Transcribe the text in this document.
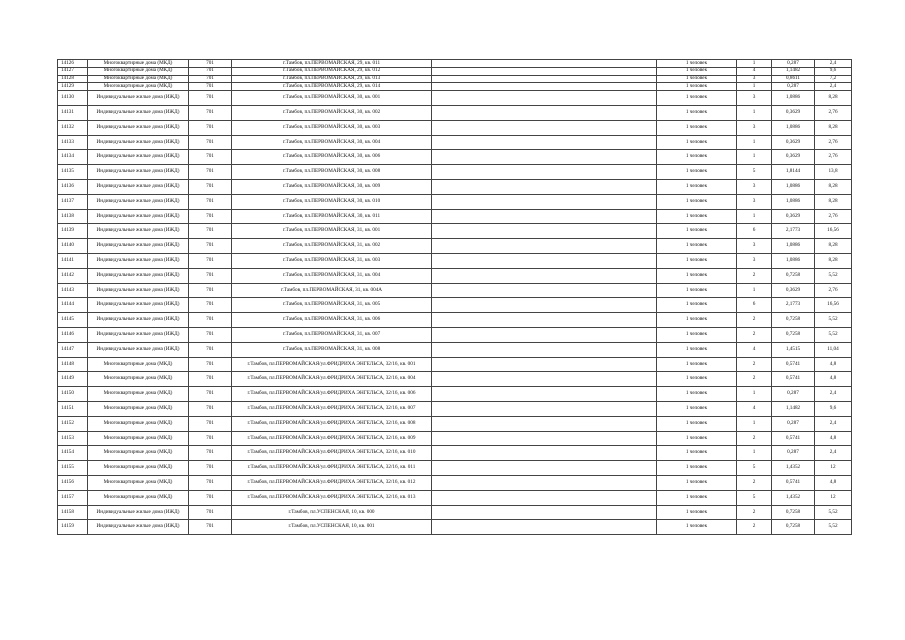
14126	Многоквартирные дома (МКД)	701	г.Тамбов, пл.ПЕРВОМАЙСКАЯ, 29, кв. 011		1 человек	1	0,287	2,4
14127	Многоквартирные дома (МКД)	701	г.Тамбов, пл.ПЕРВОМАЙСКАЯ, 29, кв. 012		1 человек	4	1,1482	9,6
14128	Многоквартирные дома (МКД)	701	г.Тамбов, пл.ПЕРВОМАЙСКАЯ, 29, кв. 013		1 человек	3	0,8611	7,2
14129	Многоквартирные дома (МКД)	701	г.Тамбов, пл.ПЕРВОМАЙСКАЯ, 29, кв. 014		1 человек	1	0,287	2,4
14130	Индивидуальные жилые дома (ИЖД)	701	г.Тамбов, пл.ПЕРВОМАЙСКАЯ, 30, кв. 001		1 человек	3	1,0886	8,28
14131	Индивидуальные жилые дома (ИЖД)	701	г.Тамбов, пл.ПЕРВОМАЙСКАЯ, 30, кв. 002		1 человек	1	0,3629	2,76
14132	Индивидуальные жилые дома (ИЖД)	701	г.Тамбов, пл.ПЕРВОМАЙСКАЯ, 30, кв. 003		1 человек	3	1,0886	8,28
14133	Индивидуальные жилые дома (ИЖД)	701	г.Тамбов, пл.ПЕРВОМАЙСКАЯ, 30, кв. 004		1 человек	1	0,3629	2,76
14134	Индивидуальные жилые дома (ИЖД)	701	г.Тамбов, пл.ПЕРВОМАЙСКАЯ, 30, кв. 006		1 человек	1	0,3629	2,76
14135	Индивидуальные жилые дома (ИЖД)	701	г.Тамбов, пл.ПЕРВОМАЙСКАЯ, 30, кв. 008		1 человек	5	1,8144	13,8
14136	Индивидуальные жилые дома (ИЖД)	701	г.Тамбов, пл.ПЕРВОМАЙСКАЯ, 30, кв. 009		1 человек	3	1,0886	8,28
14137	Индивидуальные жилые дома (ИЖД)	701	г.Тамбов, пл.ПЕРВОМАЙСКАЯ, 30, кв. 010		1 человек	3	1,0886	8,28
14138	Индивидуальные жилые дома (ИЖД)	701	г.Тамбов, пл.ПЕРВОМАЙСКАЯ, 30, кв. 011		1 человек	1	0,3629	2,76
14139	Индивидуальные жилые дома (ИЖД)	701	г.Тамбов, пл.ПЕРВОМАЙСКАЯ, 31, кв. 001		1 человек	6	2,1773	16,56
14140	Индивидуальные жилые дома (ИЖД)	701	г.Тамбов, пл.ПЕРВОМАЙСКАЯ, 31, кв. 002		1 человек	3	1,0886	8,28
14141	Индивидуальные жилые дома (ИЖД)	701	г.Тамбов, пл.ПЕРВОМАЙСКАЯ, 31, кв. 003		1 человек	3	1,0886	8,28
14142	Индивидуальные жилые дома (ИЖД)	701	г.Тамбов, пл.ПЕРВОМАЙСКАЯ, 31, кв. 004		1 человек	2	0,7258	5,52
14143	Индивидуальные жилые дома (ИЖД)	701	г.Тамбов, пл.ПЕРВОМАЙСКАЯ, 31, кв. 004А		1 человек	1	0,3629	2,76
14144	Индивидуальные жилые дома (ИЖД)	701	г.Тамбов, пл.ПЕРВОМАЙСКАЯ, 31, кв. 005		1 человек	6	2,1773	16,56
14145	Индивидуальные жилые дома (ИЖД)	701	г.Тамбов, пл.ПЕРВОМАЙСКАЯ, 31, кв. 006		1 человек	2	0,7258	5,52
14146	Индивидуальные жилые дома (ИЖД)	701	г.Тамбов, пл.ПЕРВОМАЙСКАЯ, 31, кв. 007		1 человек	2	0,7258	5,52
14147	Индивидуальные жилые дома (ИЖД)	701	г.Тамбов, пл.ПЕРВОМАЙСКАЯ, 31, кв. 008		1 человек	4	1,4515	11,04
14148	Многоквартирные дома (МКД)	701	г.Тамбов, пл.ПЕРВОМАЙСКАЯ/ул.ФРИДРИХА ЭНГЕЛЬСА, 32/16, кв. 001		1 человек	2	0,5741	4,8
14149	Многоквартирные дома (МКД)	701	г.Тамбов, пл.ПЕРВОМАЙСКАЯ/ул.ФРИДРИХА ЭНГЕЛЬСА, 32/16, кв. 004		1 человек	2	0,5741	4,8
14150	Многоквартирные дома (МКД)	701	г.Тамбов, пл.ПЕРВОМАЙСКАЯ/ул.ФРИДРИХА ЭНГЕЛЬСА, 32/16, кв. 006		1 человек	1	0,287	2,4
14151	Многоквартирные дома (МКД)	701	г.Тамбов, пл.ПЕРВОМАЙСКАЯ/ул.ФРИДРИХА ЭНГЕЛЬСА, 32/16, кв. 007		1 человек	4	1,1482	9,6
14152	Многоквартирные дома (МКД)	701	г.Тамбов, пл.ПЕРВОМАЙСКАЯ/ул.ФРИДРИХА ЭНГЕЛЬСА, 32/16, кв. 008		1 человек	1	0,287	2,4
14153	Многоквартирные дома (МКД)	701	г.Тамбов, пл.ПЕРВОМАЙСКАЯ/ул.ФРИДРИХА ЭНГЕЛЬСА, 32/16, кв. 009		1 человек	2	0,5741	4,8
14154	Многоквартирные дома (МКД)	701	г.Тамбов, пл.ПЕРВОМАЙСКАЯ/ул.ФРИДРИХА ЭНГЕЛЬСА, 32/16, кв. 010		1 человек	1	0,287	2,4
14155	Многоквартирные дома (МКД)	701	г.Тамбов, пл.ПЕРВОМАЙСКАЯ/ул.ФРИДРИХА ЭНГЕЛЬСА, 32/16, кв. 011		1 человек	5	1,4352	12
14156	Многоквартирные дома (МКД)	701	г.Тамбов, пл.ПЕРВОМАЙСКАЯ/ул.ФРИДРИХА ЭНГЕЛЬСА, 32/16, кв. 012		1 человек	2	0,5741	4,8
14157	Многоквартирные дома (МКД)	701	г.Тамбов, пл.ПЕРВОМАЙСКАЯ/ул.ФРИДРИХА ЭНГЕЛЬСА, 32/16, кв. 013		1 человек	5	1,4352	12
14158	Индивидуальные жилые дома (ИЖД)	701	г.Тамбов, пл.УСПЕНСКАЯ, 10, кв. 000		1 человек	2	0,7258	5,52
14159	Индивидуальные жилые дома (ИЖД)	701	г.Тамбов, пл.УСПЕНСКАЯ, 10, кв. 001		1 человек	2	0,7258	5,52
